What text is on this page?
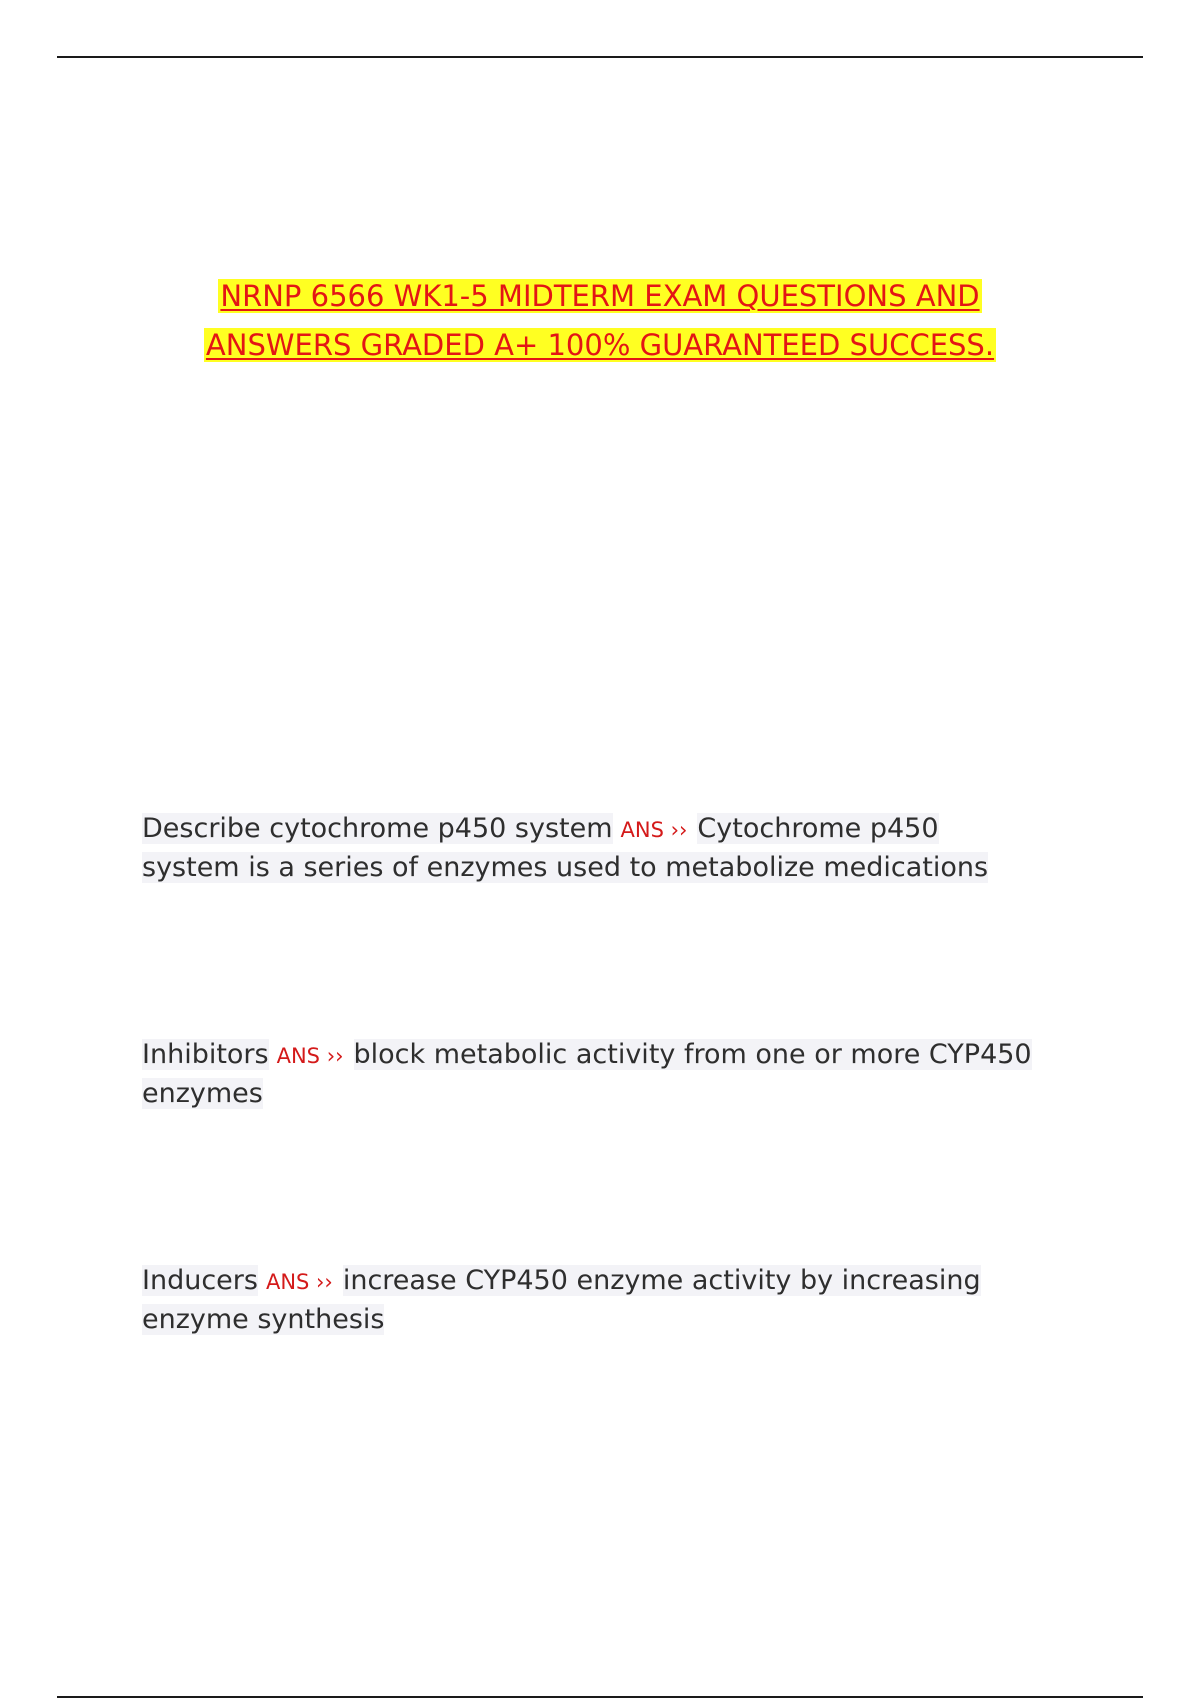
NRNP 6566 WK1-5 MIDTERM EXAM QUESTIONS AND
ANSWERS GRADED A+ 100% GUARANTEED SUCCESS.
Describe cytochrome p450 system ANS ›› Cytochrome p450 system is a series of enzymes used to metabolize medications
Inhibitors ANS ›› block metabolic activity from one or more CYP450 enzymes
Inducers ANS ›› increase CYP450 enzyme activity by increasing enzyme synthesis
